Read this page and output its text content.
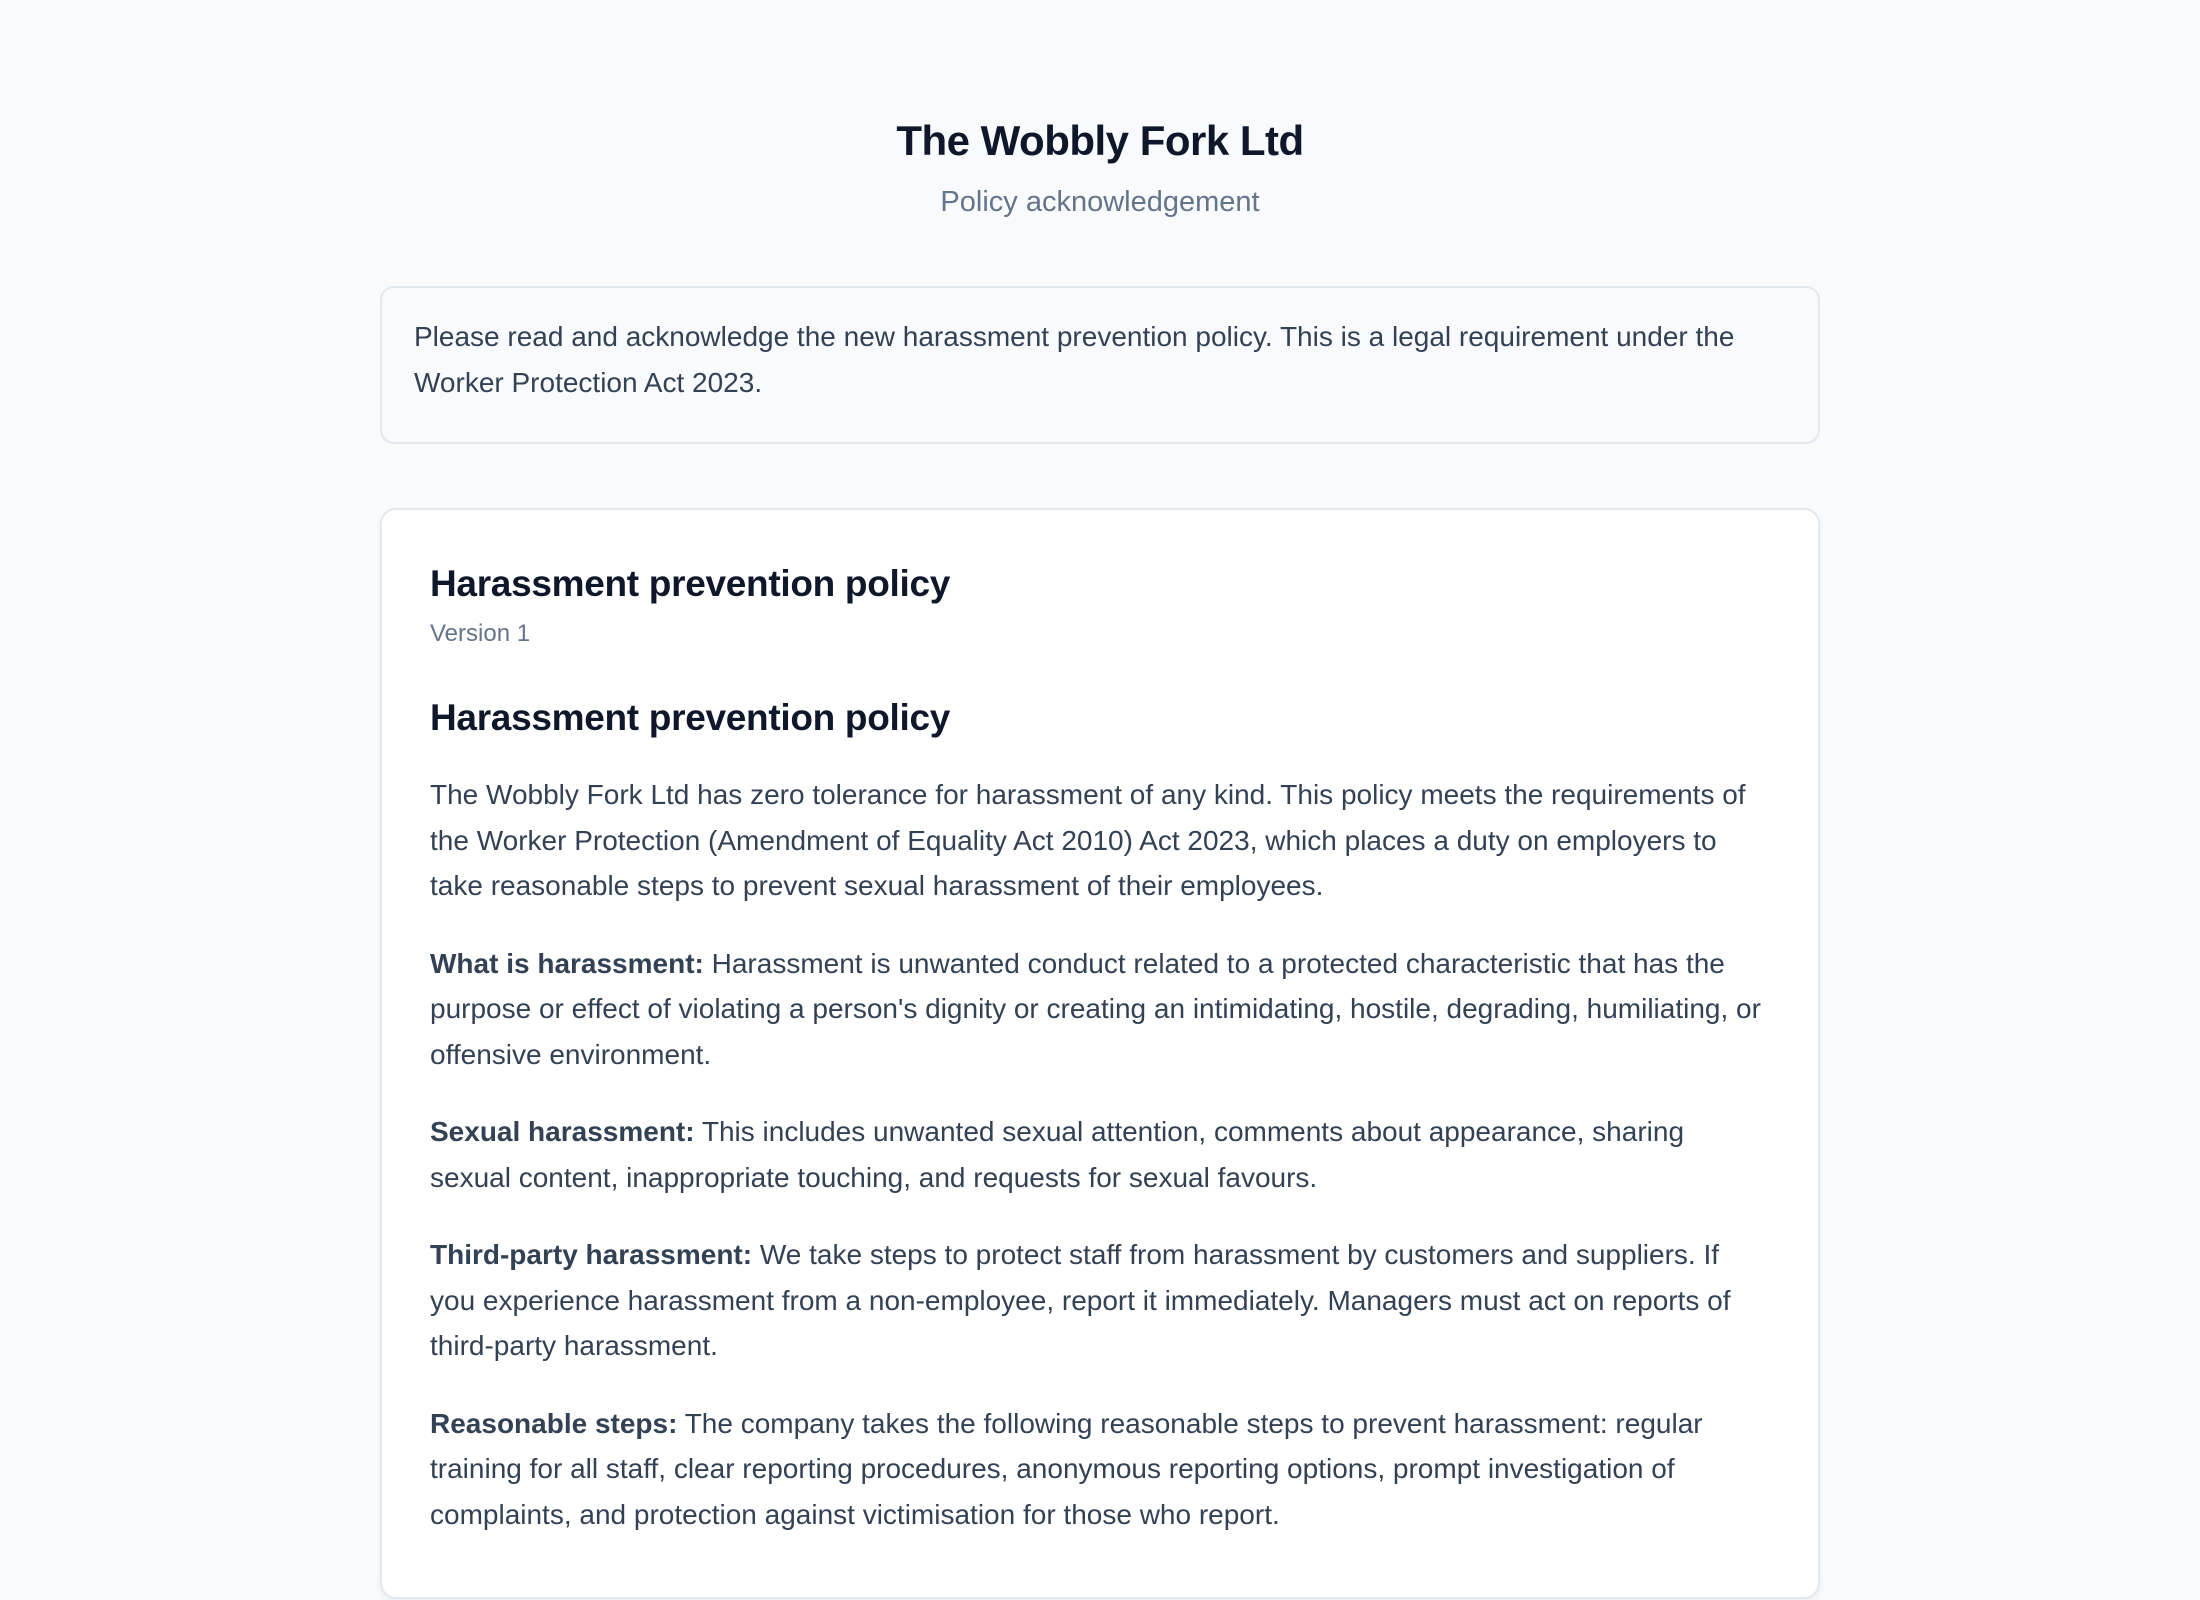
The Wobbly Fork Ltd
Policy acknowledgement

Please read and acknowledge the new harassment prevention policy. This is a legal requirement under the Worker Protection Act 2023.

Harassment prevention policy
Version 1
Harassment prevention policy

The Wobbly Fork Ltd has zero tolerance for harassment of any kind. This policy meets the requirements of the Worker Protection (Amendment of Equality Act 2010) Act 2023, which places a duty on employers to take reasonable steps to prevent sexual harassment of their employees.

What is harassment: Harassment is unwanted conduct related to a protected characteristic that has the purpose or effect of violating a person's dignity or creating an intimidating, hostile, degrading, humiliating, or offensive environment.

Sexual harassment: This includes unwanted sexual attention, comments about appearance, sharing sexual content, inappropriate touching, and requests for sexual favours.

Third-party harassment: We take steps to protect staff from harassment by customers and suppliers. If you experience harassment from a non-employee, report it immediately. Managers must act on reports of third-party harassment.

Reasonable steps: The company takes the following reasonable steps to prevent harassment: regular training for all staff, clear reporting procedures, anonymous reporting options, prompt investigation of complaints, and protection against victimisation for those who report.
